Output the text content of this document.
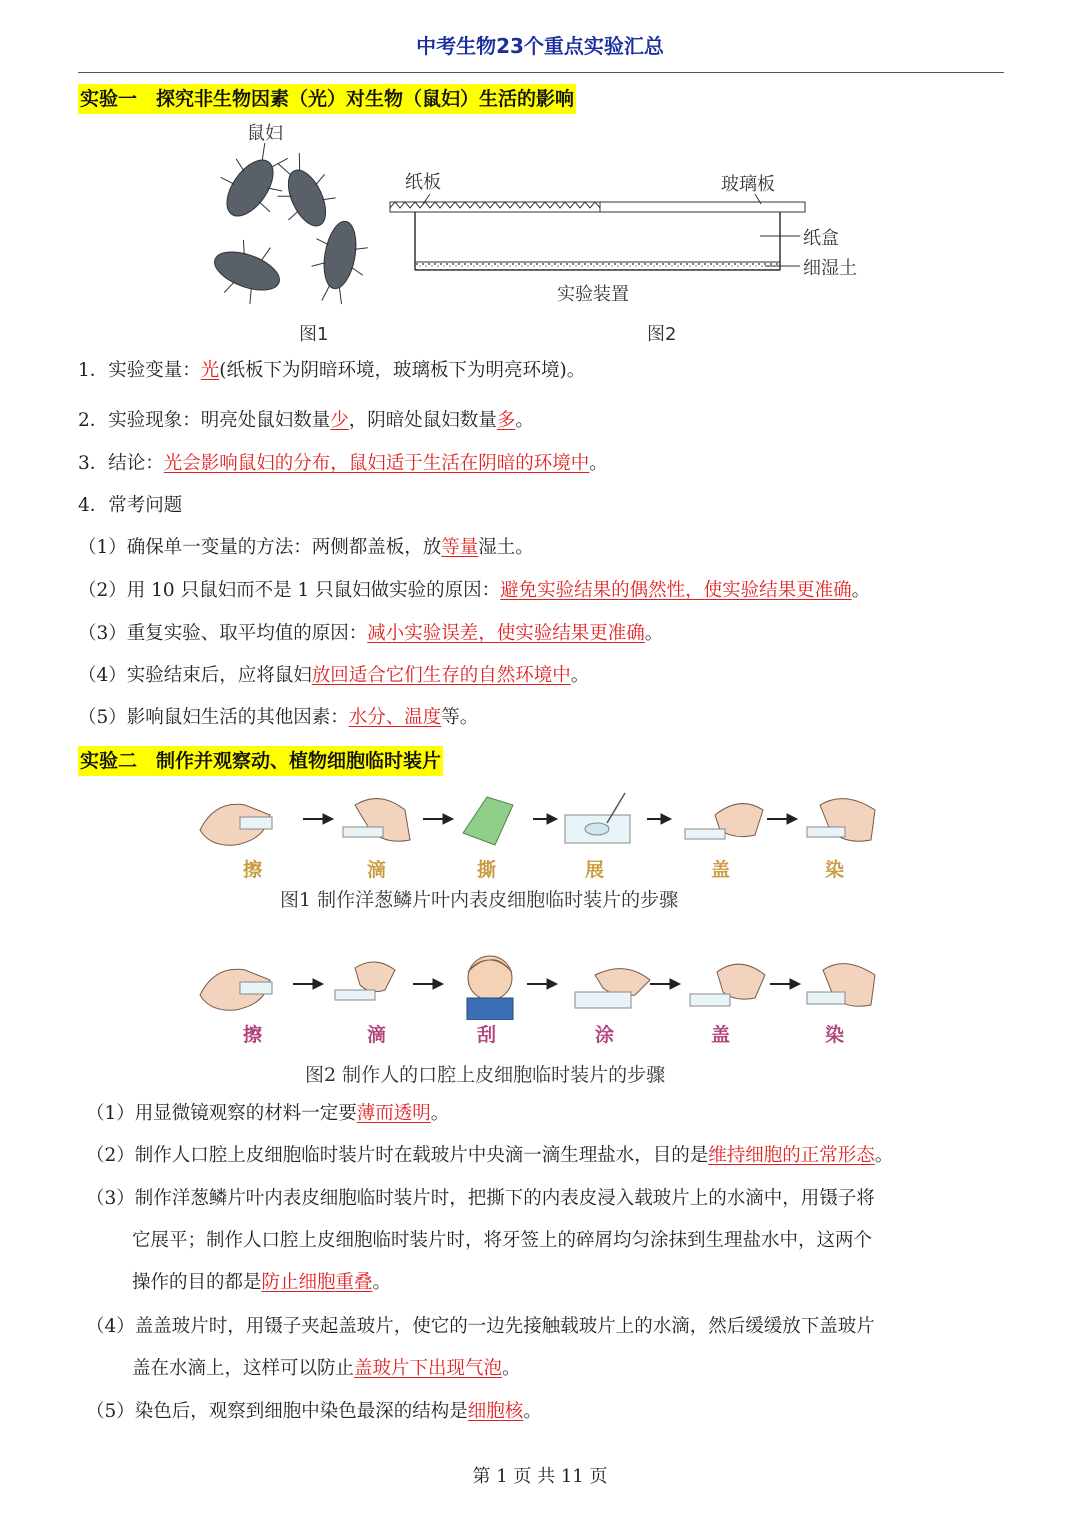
中考生物23个重点实验汇总
实验一　探究非生物因素（光）对生物（鼠妇）生活的影响
鼠妇
图1
纸板	玻璃板
纸盒
细湿土
实验装置
图2
1．实验变量：光(纸板下为阴暗环境，玻璃板下为明亮环境)。
2．实验现象：明亮处鼠妇数量少，阴暗处鼠妇数量多。
3．结论：光会影响鼠妇的分布，鼠妇适于生活在阴暗的环境中。
4．常考问题
（1）确保单一变量的方法：两侧都盖板，放等量湿土。
（2）用 10 只鼠妇而不是 1 只鼠妇做实验的原因：避免实验结果的偶然性，使实验结果更准确。
（3）重复实验、取平均值的原因：减小实验误差，使实验结果更准确。
（4）实验结束后，应将鼠妇放回适合它们生存的自然环境中。
（5）影响鼠妇生活的其他因素：水分、温度等。
实验二　制作并观察动、植物细胞临时装片
擦	滴	撕	展	盖	染
图1 制作洋葱鳞片叶内表皮细胞临时装片的步骤
擦	滴	刮	涂	盖	染
图2 制作人的口腔上皮细胞临时装片的步骤
（1）用显微镜观察的材料一定要薄而透明。
（2）制作人口腔上皮细胞临时装片时在载玻片中央滴一滴生理盐水，目的是维持细胞的正常形态。
（3）制作洋葱鳞片叶内表皮细胞临时装片时，把撕下的内表皮浸入载玻片上的水滴中，用镊子将
它展平；制作人口腔上皮细胞临时装片时，将牙签上的碎屑均匀涂抹到生理盐水中，这两个
操作的目的都是防止细胞重叠。
（4）盖盖玻片时，用镊子夹起盖玻片，使它的一边先接触载玻片上的水滴，然后缓缓放下盖玻片
盖在水滴上，这样可以防止盖玻片下出现气泡。
（5）染色后，观察到细胞中染色最深的结构是细胞核。
第 1 页 共 11 页
